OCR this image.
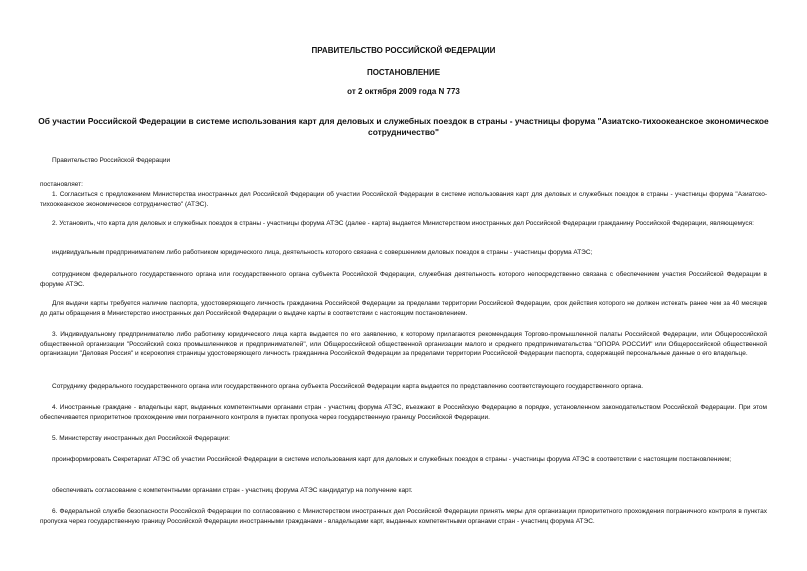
ПРАВИТЕЛЬСТВО РОССИЙСКОЙ ФЕДЕРАЦИИ
ПОСТАНОВЛЕНИЕ
от 2 октября 2009 года N 773
Об участии Российской Федерации в системе использования карт для деловых и служебных поездок в страны - участницы форума "Азиатско-тихоокеанское экономическое сотрудничество"

Правительство Российской Федерации

постановляет:

1. Согласиться с предложением Министерства иностранных дел Российской Федерации об участии Российской Федерации в системе использования карт для деловых и служебных поездок в страны - участницы форума "Азиатско-тихоокеанское экономическое сотрудничество" (АТЭС).

2. Установить, что карта для деловых и служебных поездок в страны - участницы форума АТЭС (далее - карта) выдается Министерством иностранных дел Российской Федерации гражданину Российской Федерации, являющемуся:

индивидуальным предпринимателем либо работником юридического лица, деятельность которого связана с совершением деловых поездок в страны - участницы форума АТЭС;

сотрудником федерального государственного органа или государственного органа субъекта Российской Федерации, служебная деятельность которого непосредственно связана с обеспечением участия Российской Федерации в форуме АТЭС.

Для выдачи карты требуется наличие паспорта, удостоверяющего личность гражданина Российской Федерации за пределами территории Российской Федерации, срок действия которого не должен истекать ранее чем за 40 месяцев до даты обращения в Министерство иностранных дел Российской Федерации о выдаче карты в соответствии с настоящим постановлением.

3. Индивидуальному предпринимателю либо работнику юридического лица карта выдается по его заявлению, к которому прилагаются рекомендация Торгово-промышленной палаты Российской Федерации, или Общероссийской общественной организации "Российский союз промышленников и предпринимателей", или Общероссийской общественной организации малого и среднего предпринимательства "ОПОРА РОССИИ" или Общероссийской общественной организации "Деловая Россия" и ксерокопия страницы удостоверяющего личность гражданина Российской Федерации за пределами территории Российской Федерации паспорта, содержащей персональные данные о его владельце.

Сотруднику федерального государственного органа или государственного органа субъекта Российской Федерации карта выдается по представлению соответствующего государственного органа.

4. Иностранные граждане - владельцы карт, выданных компетентными органами стран - участниц форума АТЭС, въезжают в Российскую Федерацию в порядке, установленном законодательством Российской Федерации. При этом обеспечивается приоритетное прохождение ими пограничного контроля в пунктах пропуска через государственную границу Российской Федерации.

5. Министерству иностранных дел Российской Федерации:

проинформировать Секретариат АТЭС об участии Российской Федерации в системе использования карт для деловых и служебных поездок в страны - участницы форума АТЭС в соответствии с настоящим постановлением;

обеспечивать согласование с компетентными органами стран - участниц форума АТЭС кандидатур на получение карт.

6. Федеральной службе безопасности Российской Федерации по согласованию с Министерством иностранных дел Российской Федерации принять меры для организации приоритетного прохождения пограничного контроля в пунктах пропуска через государственную границу Российской Федерации иностранными гражданами - владельцами карт, выданных компетентными органами стран - участниц форума АТЭС.
